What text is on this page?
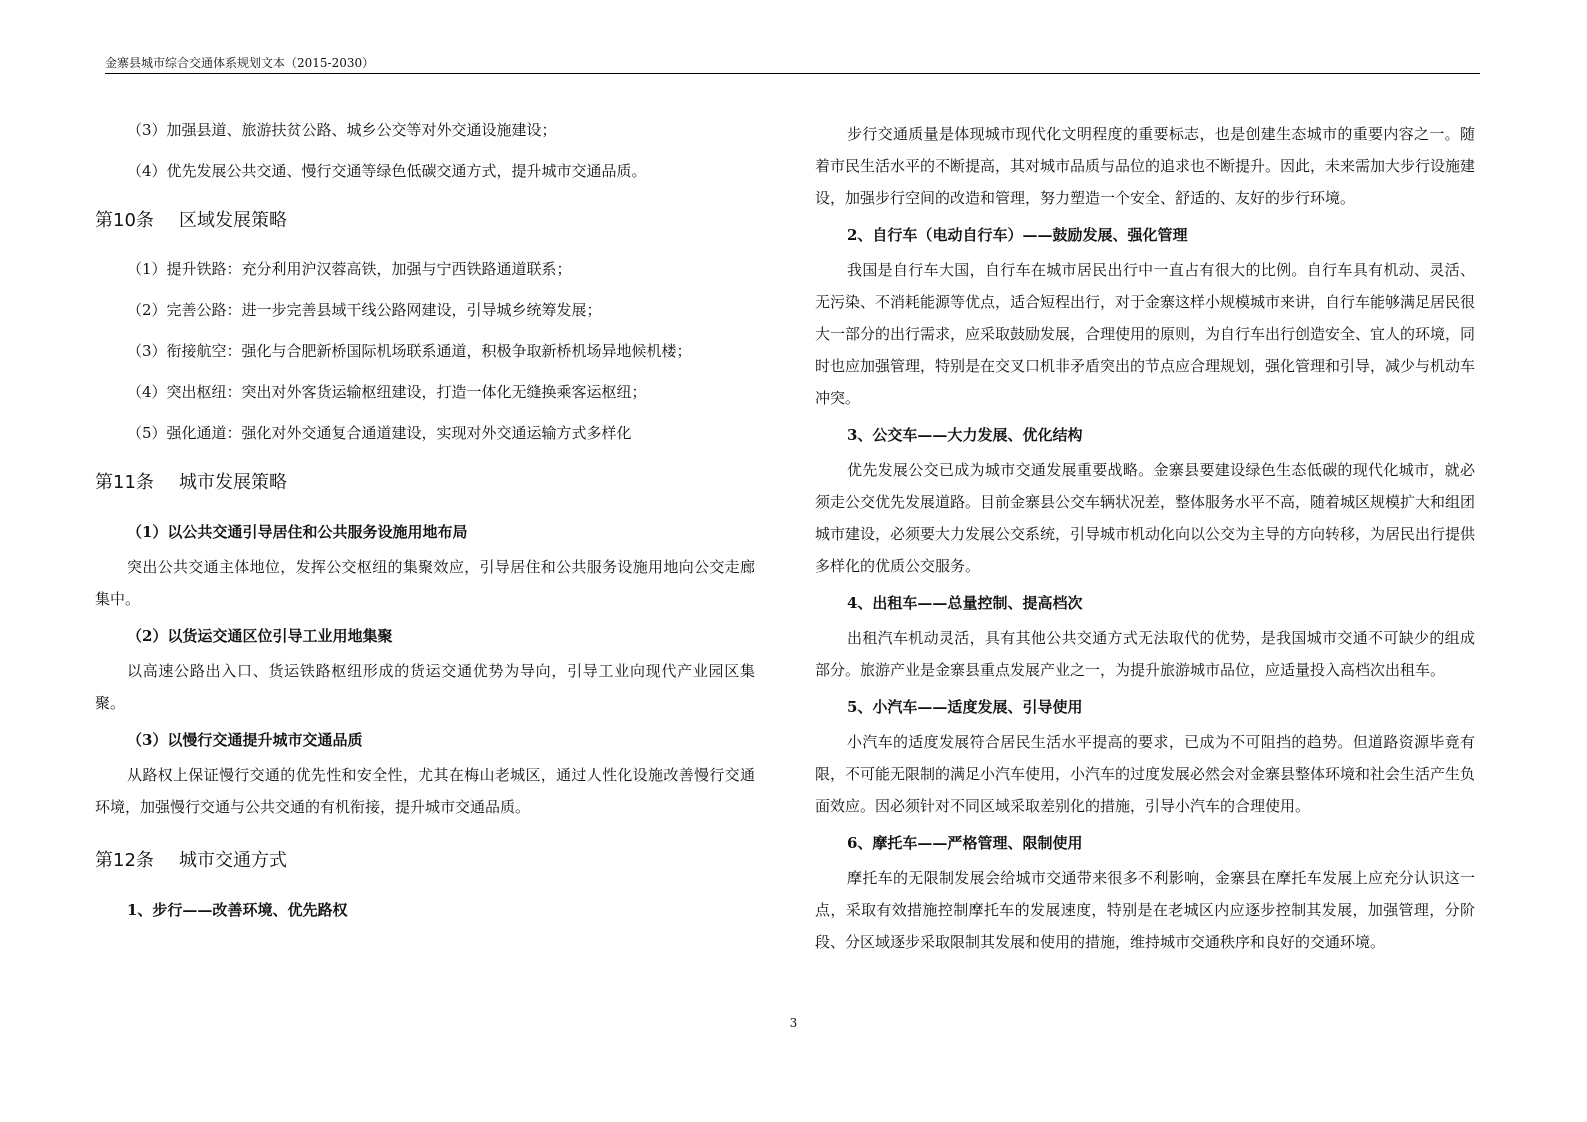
金寨县城市综合交通体系规划文本（2015-2030）

（3）加强县道、旅游扶贫公路、城乡公交等对外交通设施建设；

（4）优先发展公共交通、慢行交通等绿色低碳交通方式，提升城市交通品质。

第10条 区域发展策略

（1）提升铁路：充分利用沪汉蓉高铁，加强与宁西铁路通道联系；

（2）完善公路：进一步完善县域干线公路网建设，引导城乡统筹发展；

（3）衔接航空：强化与合肥新桥国际机场联系通道，积极争取新桥机场异地候机楼；

（4）突出枢纽：突出对外客货运输枢纽建设，打造一体化无缝换乘客运枢纽；

（5）强化通道：强化对外交通复合通道建设，实现对外交通运输方式多样化

第11条 城市发展策略
（1）以公共交通引导居住和公共服务设施用地布局

突出公共交通主体地位，发挥公交枢纽的集聚效应，引导居住和公共服务设施用地向公交走廊集中。

（2）以货运交通区位引导工业用地集聚

以高速公路出入口、货运铁路枢纽形成的货运交通优势为导向，引导工业向现代产业园区集聚。

（3）以慢行交通提升城市交通品质

从路权上保证慢行交通的优先性和安全性，尤其在梅山老城区，通过人性化设施改善慢行交通环境，加强慢行交通与公共交通的有机衔接，提升城市交通品质。

第12条 城市交通方式
1、步行——改善环境、优先路权

步行交通质量是体现城市现代化文明程度的重要标志，也是创建生态城市的重要内容之一。随着市民生活水平的不断提高，其对城市品质与品位的追求也不断提升。因此，未来需加大步行设施建设，加强步行空间的改造和管理，努力塑造一个安全、舒适的、友好的步行环境。

2、自行车（电动自行车）——鼓励发展、强化管理

我国是自行车大国，自行车在城市居民出行中一直占有很大的比例。自行车具有机动、灵活、无污染、不消耗能源等优点，适合短程出行，对于金寨这样小规模城市来讲，自行车能够满足居民很大一部分的出行需求，应采取鼓励发展，合理使用的原则，为自行车出行创造安全、宜人的环境，同时也应加强管理，特别是在交叉口机非矛盾突出的节点应合理规划，强化管理和引导，减少与机动车冲突。

3、公交车——大力发展、优化结构

优先发展公交已成为城市交通发展重要战略。金寨县要建设绿色生态低碳的现代化城市，就必须走公交优先发展道路。目前金寨县公交车辆状况差，整体服务水平不高，随着城区规模扩大和组团城市建设，必须要大力发展公交系统，引导城市机动化向以公交为主导的方向转移，为居民出行提供多样化的优质公交服务。

4、出租车——总量控制、提高档次

出租汽车机动灵活，具有其他公共交通方式无法取代的优势，是我国城市交通不可缺少的组成部分。旅游产业是金寨县重点发展产业之一，为提升旅游城市品位，应适量投入高档次出租车。

5、小汽车——适度发展、引导使用

小汽车的适度发展符合居民生活水平提高的要求，已成为不可阻挡的趋势。但道路资源毕竟有限，不可能无限制的满足小汽车使用，小汽车的过度发展必然会对金寨县整体环境和社会生活产生负面效应。因必须针对不同区域采取差别化的措施，引导小汽车的合理使用。

6、摩托车——严格管理、限制使用

摩托车的无限制发展会给城市交通带来很多不利影响，金寨县在摩托车发展上应充分认识这一点，采取有效措施控制摩托车的发展速度，特别是在老城区内应逐步控制其发展，加强管理，分阶段、分区域逐步采取限制其发展和使用的措施，维持城市交通秩序和良好的交通环境。

3
